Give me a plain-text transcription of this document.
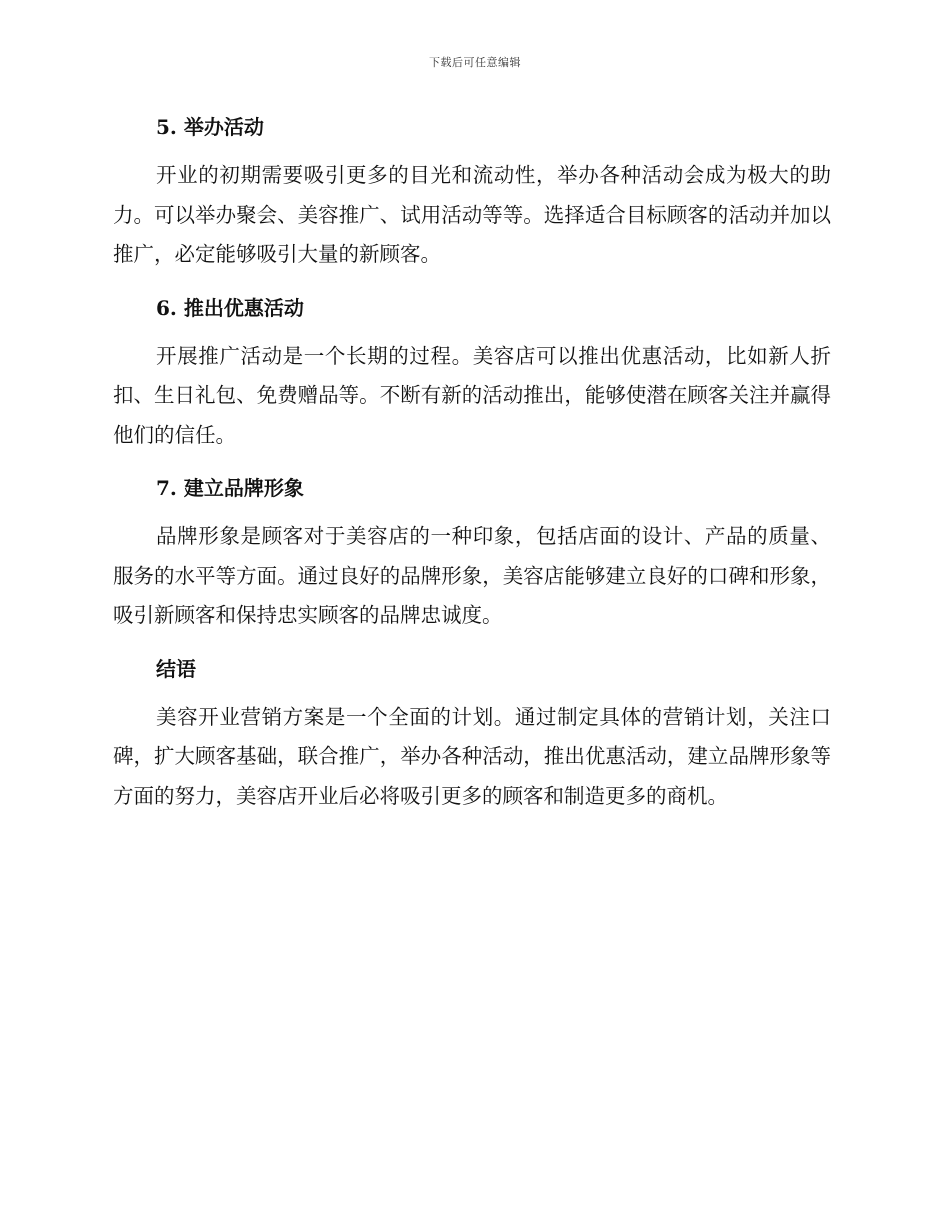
下载后可任意编辑
5. 举办活动

开业的初期需要吸引更多的目光和流动性，举办各种活动会成为极大的助力。可以举办聚会、美容推广、试用活动等等。选择适合目标顾客的活动并加以推广，必定能够吸引大量的新顾客。

6. 推出优惠活动

开展推广活动是一个长期的过程。美容店可以推出优惠活动，比如新人折扣、生日礼包、免费赠品等。不断有新的活动推出，能够使潜在顾客关注并赢得他们的信任。

7. 建立品牌形象

品牌形象是顾客对于美容店的一种印象，包括店面的设计、产品的质量、服务的水平等方面。通过良好的品牌形象，美容店能够建立良好的口碑和形象，吸引新顾客和保持忠实顾客的品牌忠诚度。

结语

美容开业营销方案是一个全面的计划。通过制定具体的营销计划，关注口碑，扩大顾客基础，联合推广，举办各种活动，推出优惠活动，建立品牌形象等方面的努力，美容店开业后必将吸引更多的顾客和制造更多的商机。
